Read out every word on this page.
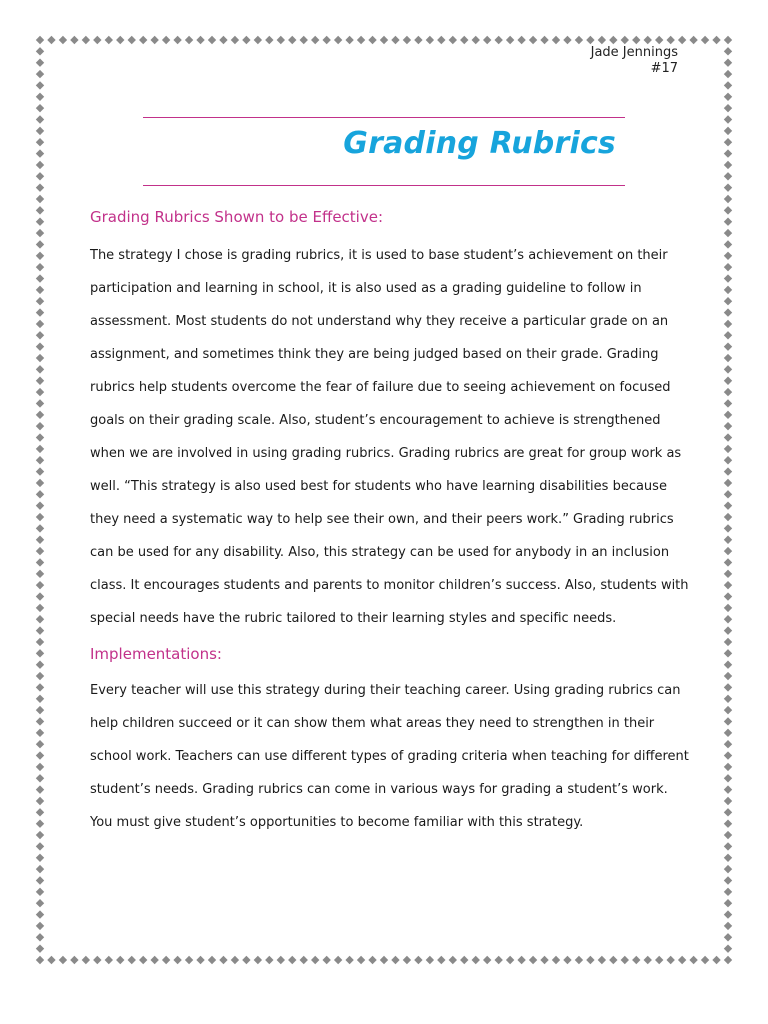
Jade Jennings
#17
Grading Rubrics
Grading Rubrics Shown to be Effective:
The strategy I chose is grading rubrics, it is used to base student’s achievement on their participation and learning in school, it is also used as a grading guideline to follow in assessment. Most students do not understand why they receive a particular grade on an assignment, and sometimes think they are being judged based on their grade. Grading rubrics help students overcome the fear of failure due to seeing achievement on focused goals on their grading scale. Also, student’s encouragement to achieve is strengthened when we are involved in using grading rubrics. Grading rubrics are great for group work as well. “This strategy is also used best for students who have learning disabilities because they need a systematic way to help see their own, and their peers work.” Grading rubrics can be used for any disability. Also, this strategy can be used for anybody in an inclusion class. It encourages students and parents to monitor children’s success. Also, students with special needs have the rubric tailored to their learning styles and specific needs.
Implementations:
Every teacher will use this strategy during their teaching career. Using grading rubrics can help children succeed or it can show them what areas they need to strengthen in their school work. Teachers can use different types of grading criteria when teaching for different student’s needs. Grading rubrics can come in various ways for grading a student’s work. You must give student’s opportunities to become familiar with this strategy.
